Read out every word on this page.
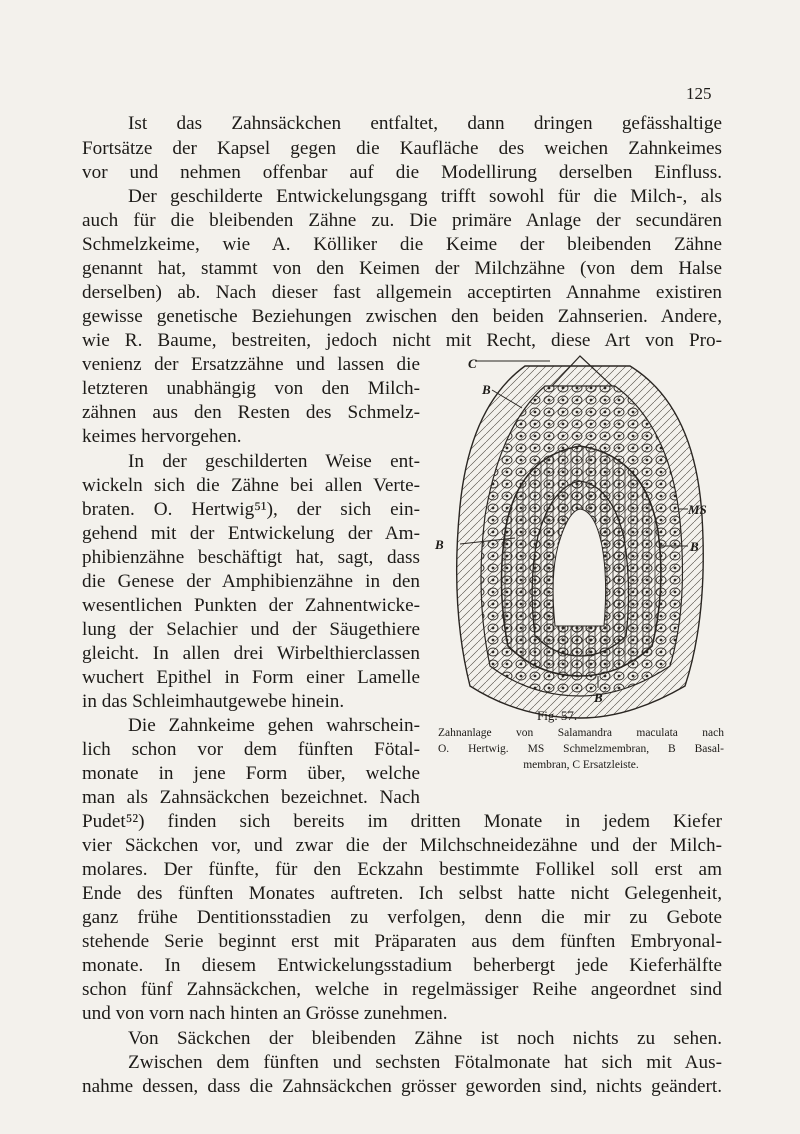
125
Ist das Zahnsäckchen entfaltet, dann dringen gefässhaltige
Fortsätze der Kapsel gegen die Kaufläche des weichen Zahnkeimes
vor und nehmen offenbar auf die Modellirung derselben Einfluss.
Der geschilderte Entwickelungsgang trifft sowohl für die Milch-, als
auch für die bleibenden Zähne zu. Die primäre Anlage der secundären
Schmelzkeime, wie A. Kölliker die Keime der bleibenden Zähne
genannt hat, stammt von den Keimen der Milchzähne (von dem Halse
derselben) ab. Nach dieser fast allgemein acceptirten Annahme existiren
gewisse genetische Beziehungen zwischen den beiden Zahnserien. Andere,
wie R. Baume, bestreiten, jedoch nicht mit Recht, diese Art von Pro-
venienz der Ersatzzähne und lassen die
letzteren unabhängig von den Milch-
zähnen aus den Resten des Schmelz-
keimes hervorgehen.
In der geschilderten Weise ent-
wickeln sich die Zähne bei allen Verte-
braten. O. Hertwig⁵¹), der sich ein-
gehend mit der Entwickelung der Am-
phibienzähne beschäftigt hat, sagt, dass
die Genese der Amphibienzähne in den
wesentlichen Punkten der Zahnentwicke-
lung der Selachier und der Säugethiere
gleicht. In allen drei Wirbelthierclassen
wuchert Epithel in Form einer Lamelle
in das Schleimhautgewebe hinein.
Die Zahnkeime gehen wahrschein-
lich schon vor dem fünften Fötal-
monate in jene Form über, welche
man als Zahnsäckchen bezeichnet. Nach
Pudet⁵²) finden sich bereits im dritten Monate in jedem Kiefer
vier Säckchen vor, und zwar die der Milchschneidezähne und der Milch-
molares. Der fünfte, für den Eckzahn bestimmte Follikel soll erst am
Ende des fünften Monates auftreten. Ich selbst hatte nicht Gelegenheit,
ganz frühe Dentitionsstadien zu verfolgen, denn die mir zu Gebote
stehende Serie beginnt erst mit Präparaten aus dem fünften Embryonal-
monate. In diesem Entwickelungsstadium beherbergt jede Kieferhälfte
schon fünf Zahnsäckchen, welche in regelmässiger Reihe angeordnet sind
und von vorn nach hinten an Grösse zunehmen.
Von Säckchen der bleibenden Zähne ist noch nichts zu sehen.
Zwischen dem fünften und sechsten Fötalmonate hat sich mit Aus-
nahme dessen, dass die Zahnsäckchen grösser geworden sind, nichts geändert.
C
B
MS
B	B
B
Fig. 57.
Zahnanlage von Salamandra maculata nach
O. Hertwig. MS Schmelzmembran, B Basal-
membran, C Ersatzleiste.
